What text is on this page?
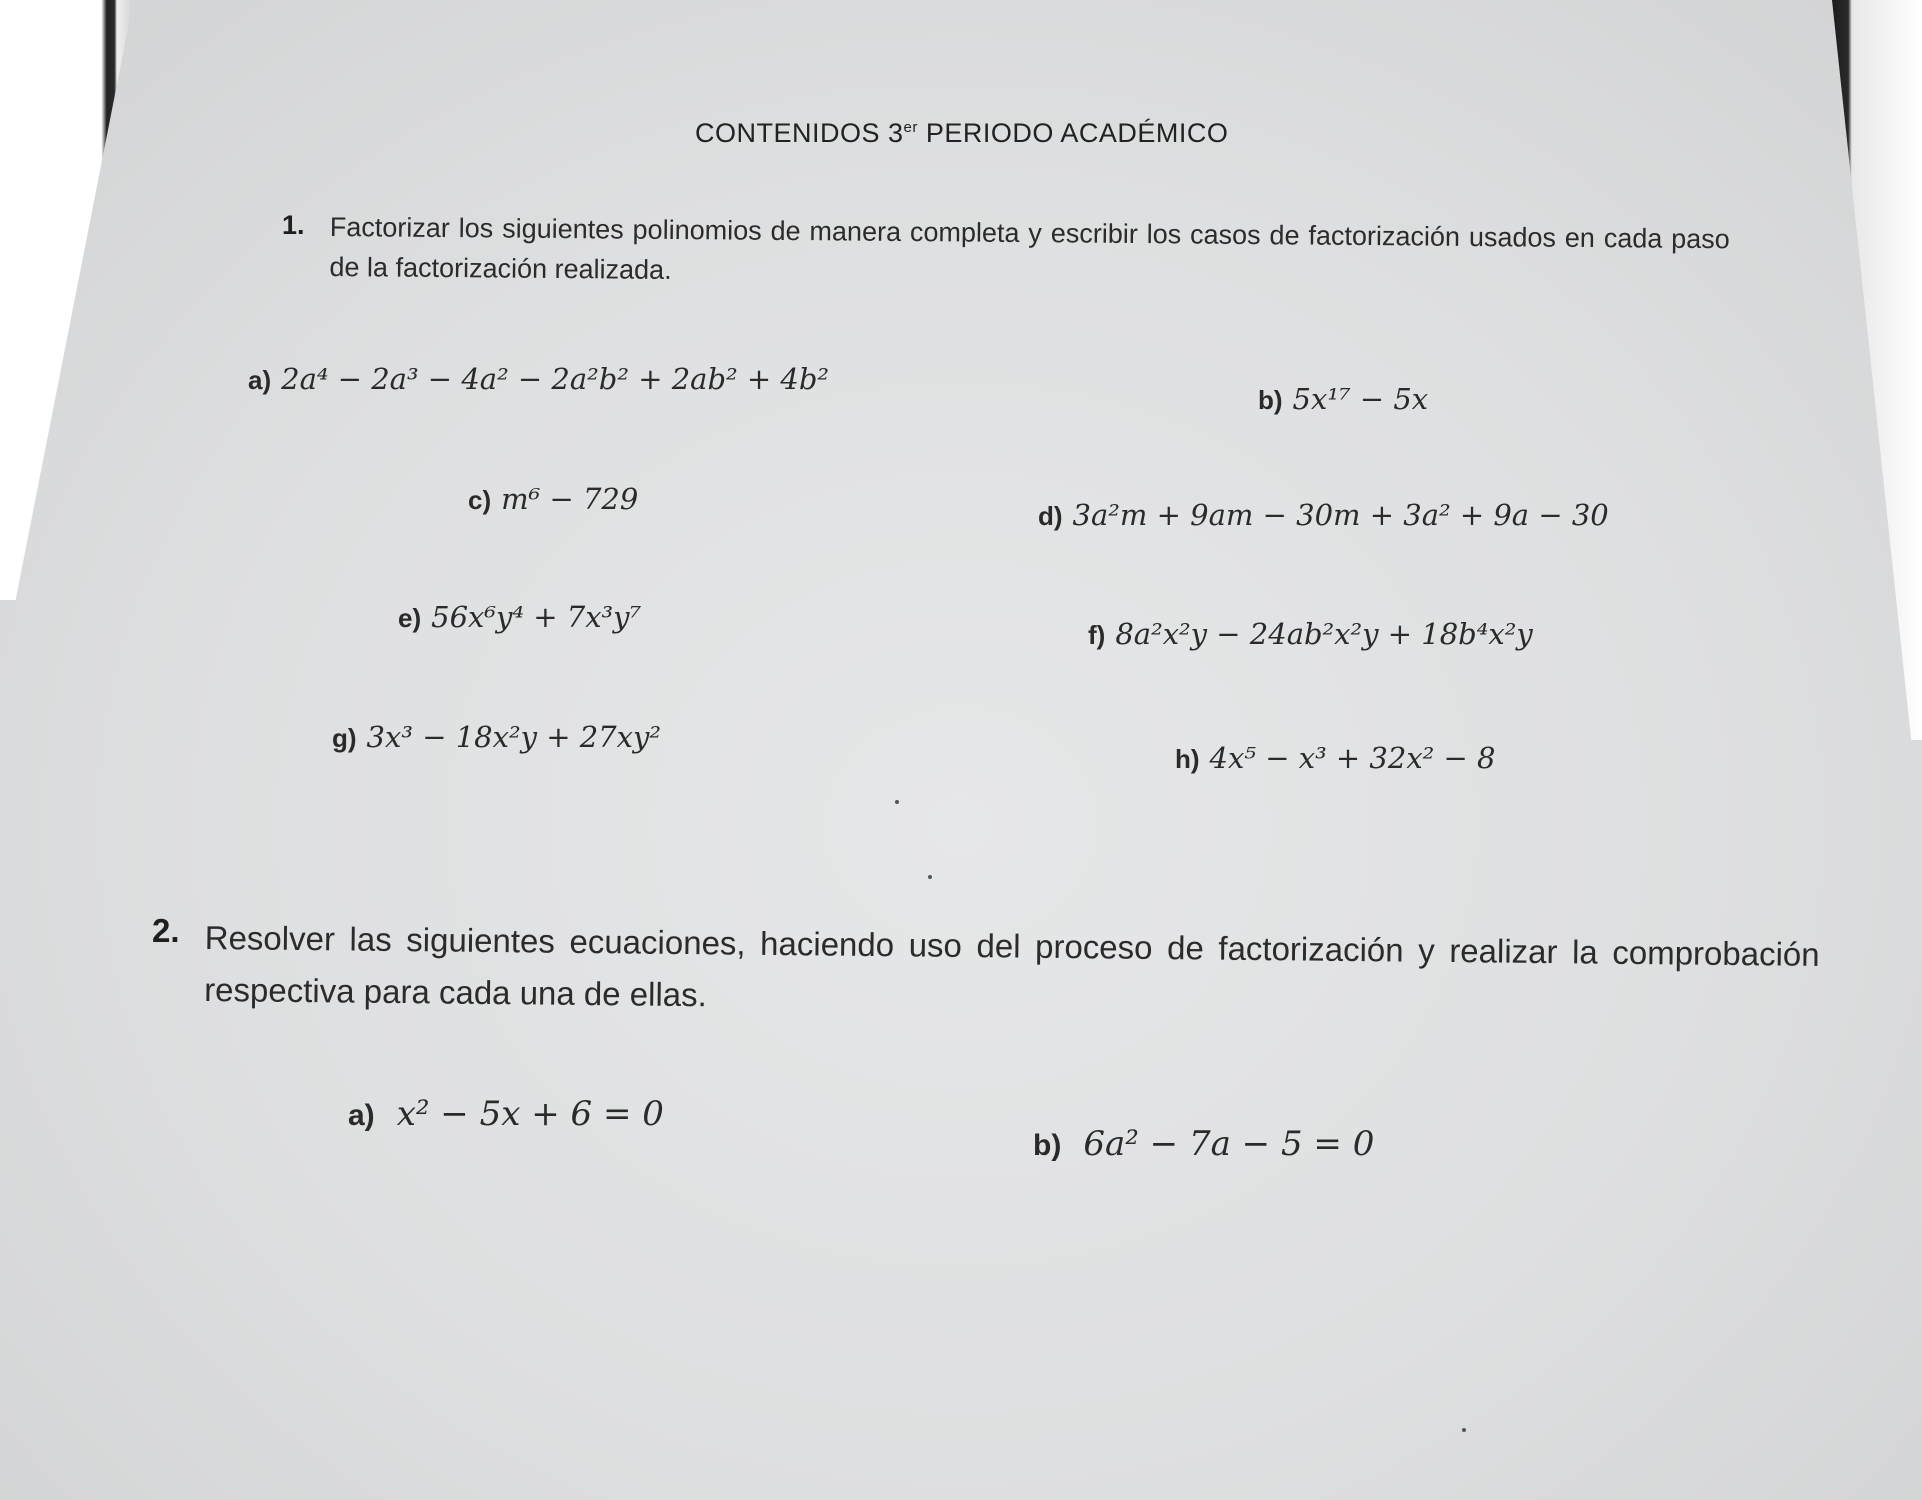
CONTENIDOS 3er PERIODO ACADÉMICO
1. Factorizar los siguientes polinomios de manera completa y escribir los casos de factorización usados en cada paso de la factorización realizada.
a) 2a⁴ − 2a³ − 4a² − 2a²b² + 2ab² + 4b²
b) 5x¹⁷ − 5x
c) m⁶ − 729	d) 3a²m + 9am − 30m + 3a² + 9a − 30
e) 56x⁶y⁴ + 7x³y⁷
f) 8a²x²y − 24ab²x²y + 18b⁴x²y
g) 3x³ − 18x²y + 27xy²
h) 4x⁵ − x³ + 32x² − 8
2. Resolver las siguientes ecuaciones, haciendo uso del proceso de factorización y realizar la comprobación respectiva para cada una de ellas.
a) x² − 5x + 6 = 0
b) 6a² − 7a − 5 = 0
